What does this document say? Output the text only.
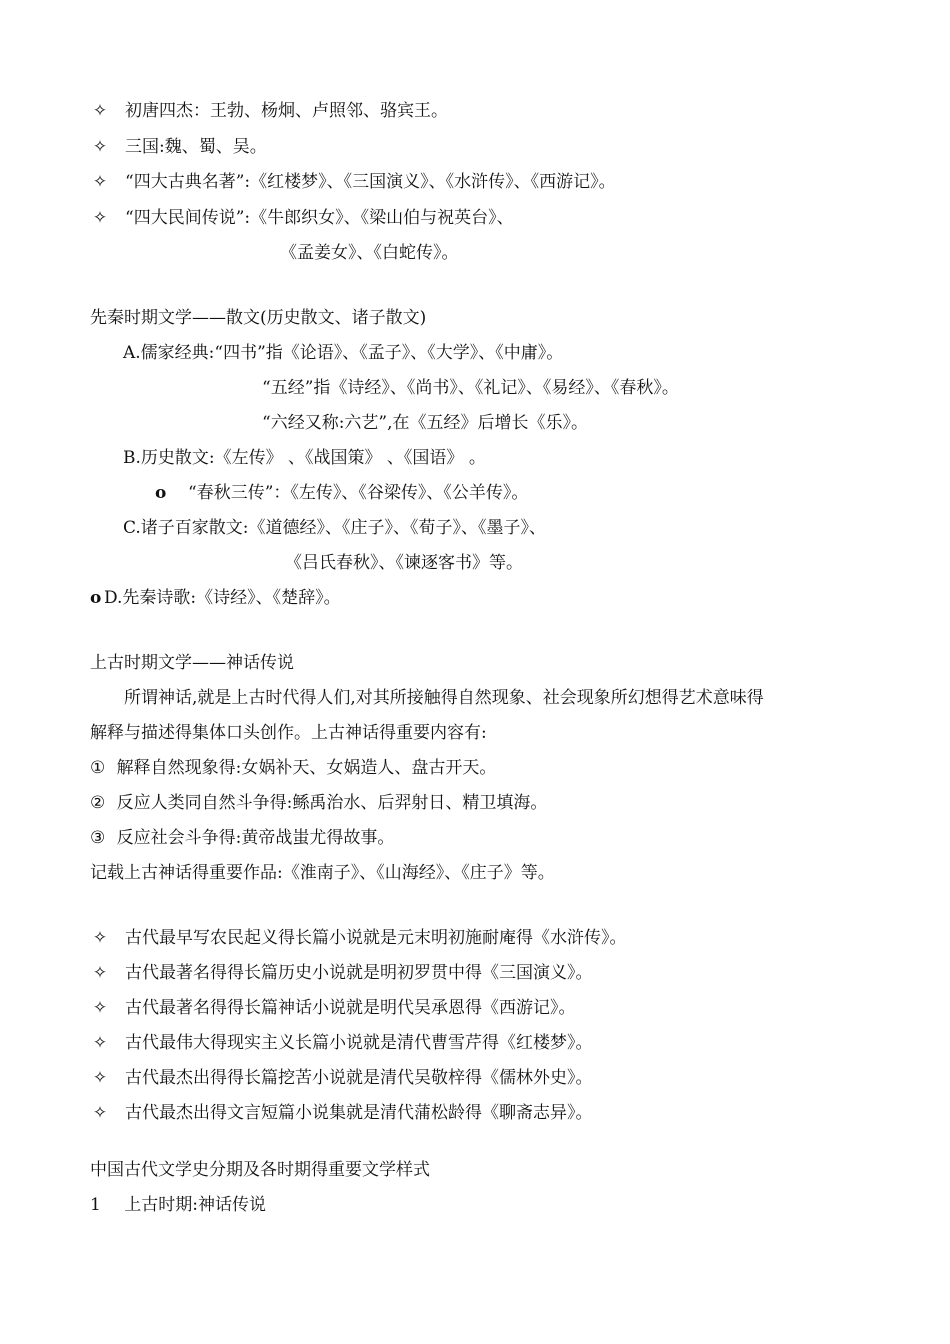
✧ 初唐四杰：王勃、杨炯、卢照邻、骆宾王。
✧ 三国:魏、蜀、吴。
✧ “四大古典名著”:《红楼梦》、《三国演义》、《水浒传》、《西游记》。
✧ “四大民间传说”:《牛郎织女》、《梁山伯与祝英台》、
《孟姜女》、《白蛇传》。
先秦时期文学——散文(历史散文、诸子散文)
A.儒家经典:“四书”指《论语》、《孟子》、《大学》、《中庸》。
“五经”指《诗经》、《尚书》、《礼记》、《易经》、《春秋》。
“六经又称:六艺”,在《五经》后增长《乐》。
B.历史散文:《左传》 、《战国策》 、《国语》 。
o “春秋三传”：《左传》、《谷梁传》、《公羊传》。
C.诸子百家散文:《道德经》、《庄子》、《荀子》、《墨子》、
《吕氏春秋》、《谏逐客书》等。
o D.先秦诗歌:《诗经》、《楚辞》。
上古时期文学——神话传说
所谓神话,就是上古时代得人们,对其所接触得自然现象、社会现象所幻想得艺术意味得
解释与描述得集体口头创作。上古神话得重要内容有:
① 解释自然现象得:女娲补天、女娲造人、盘古开天。
② 反应人类同自然斗争得:鲧禹治水、后羿射日、精卫填海。
③ 反应社会斗争得:黄帝战蚩尤得故事。
记载上古神话得重要作品:《淮南子》、《山海经》、《庄子》等。
✧ 古代最早写农民起义得长篇小说就是元末明初施耐庵得《水浒传》。
✧ 古代最著名得得长篇历史小说就是明初罗贯中得《三国演义》。
✧ 古代最著名得得长篇神话小说就是明代吴承恩得《西游记》。
✧ 古代最伟大得现实主义长篇小说就是清代曹雪芹得《红楼梦》。
✧ 古代最杰出得得长篇挖苦小说就是清代吴敬梓得《儒林外史》。
✧ 古代最杰出得文言短篇小说集就是清代蒲松龄得《聊斋志异》。
中国古代文学史分期及各时期得重要文学样式
1 上古时期:神话传说
